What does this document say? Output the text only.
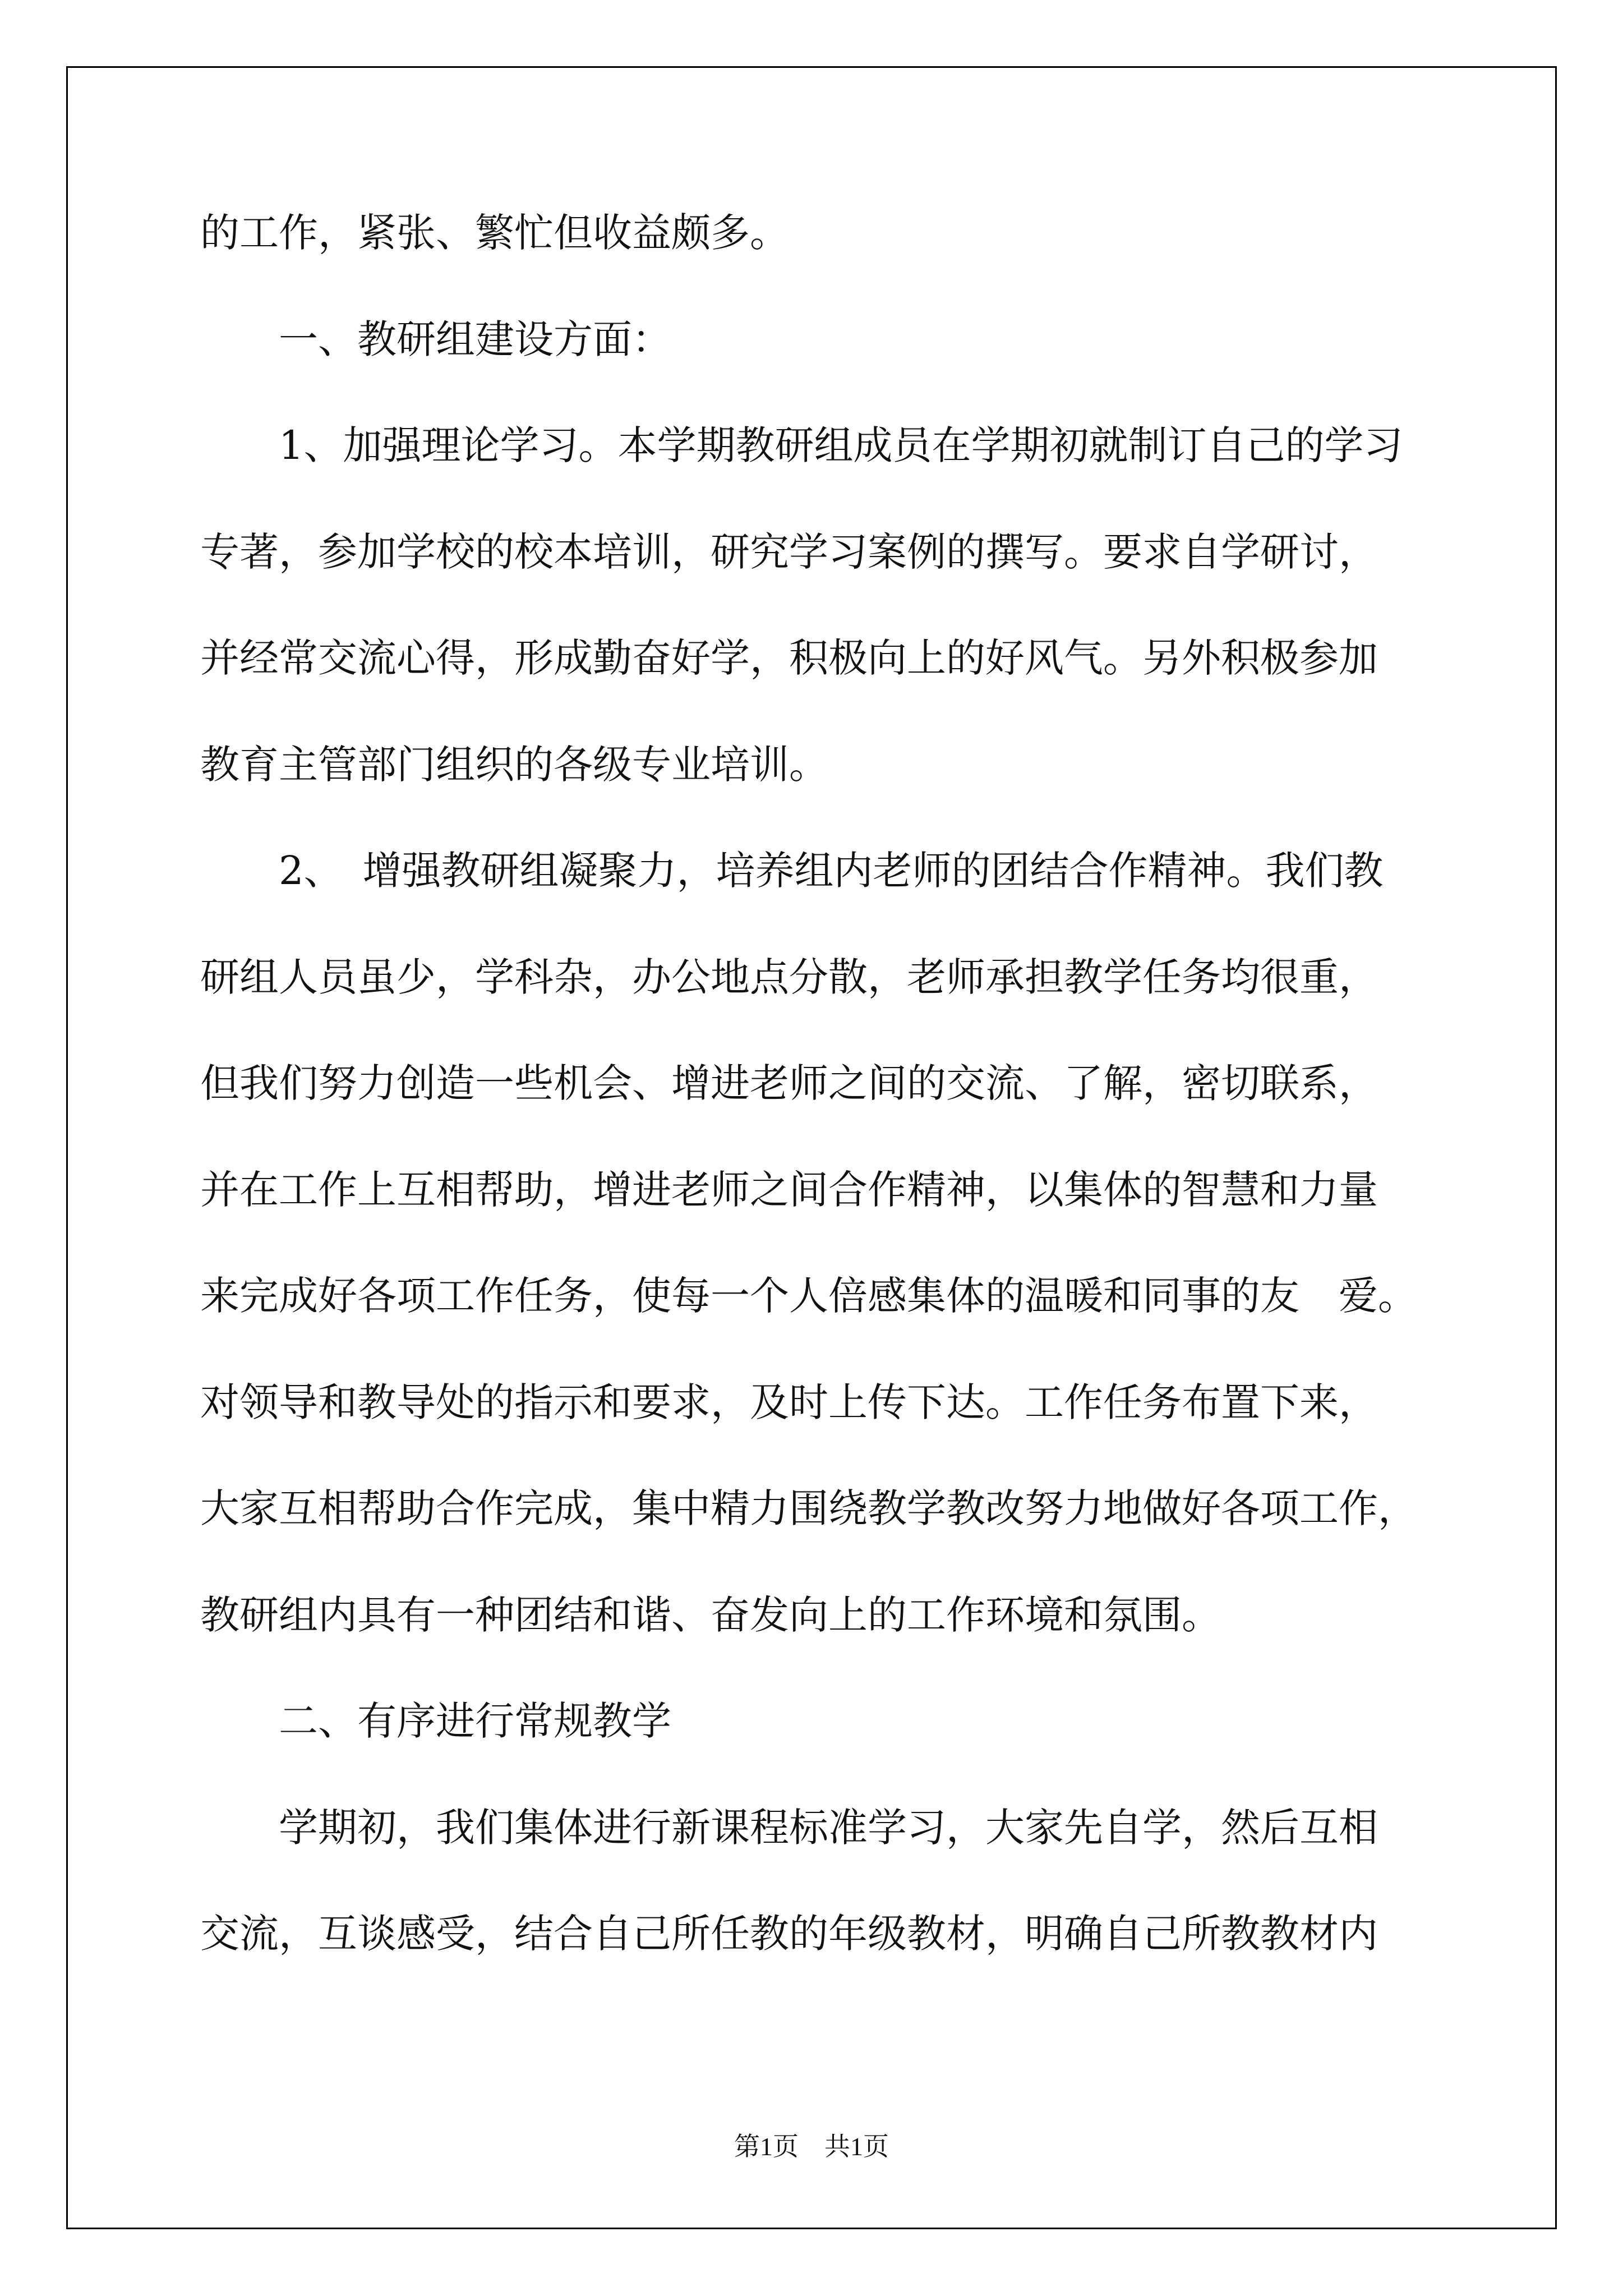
的工作，紧张、繁忙但收益颇多。
　　一、教研组建设方面：
　　1、加强理论学习。本学期教研组成员在学期初就制订自己的学习
专著，参加学校的校本培训，研究学习案例的撰写。要求自学研讨，
并经常交流心得，形成勤奋好学，积极向上的好风气。另外积极参加
教育主管部门组织的各级专业培训。
　　2、　增强教研组凝聚力，培养组内老师的团结合作精神。我们教
研组人员虽少，学科杂，办公地点分散，老师承担教学任务均很重，
但我们努力创造一些机会、增进老师之间的交流、了解，密切联系，
并在工作上互相帮助，增进老师之间合作精神，以集体的智慧和力量
来完成好各项工作任务，使每一个人倍感集体的温暖和同事的友　爱。
对领导和教导处的指示和要求，及时上传下达。工作任务布置下来，
大家互相帮助合作完成，集中精力围绕教学教改努力地做好各项工作，
教研组内具有一种团结和谐、奋发向上的工作环境和氛围。
　　二、有序进行常规教学
　　学期初，我们集体进行新课程标准学习，大家先自学，然后互相
交流，互谈感受，结合自己所任教的年级教材，明确自己所教教材内
第1页　共1页
